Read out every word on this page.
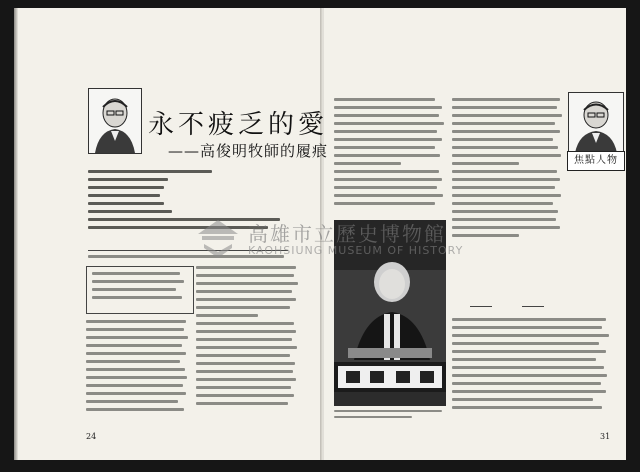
永不疲乏的愛
——高俊明牧師的履痕
焦點人物
高雄市立歷史博物館
KAOHSIUNG MUSEUM OF HISTORY
24	31
